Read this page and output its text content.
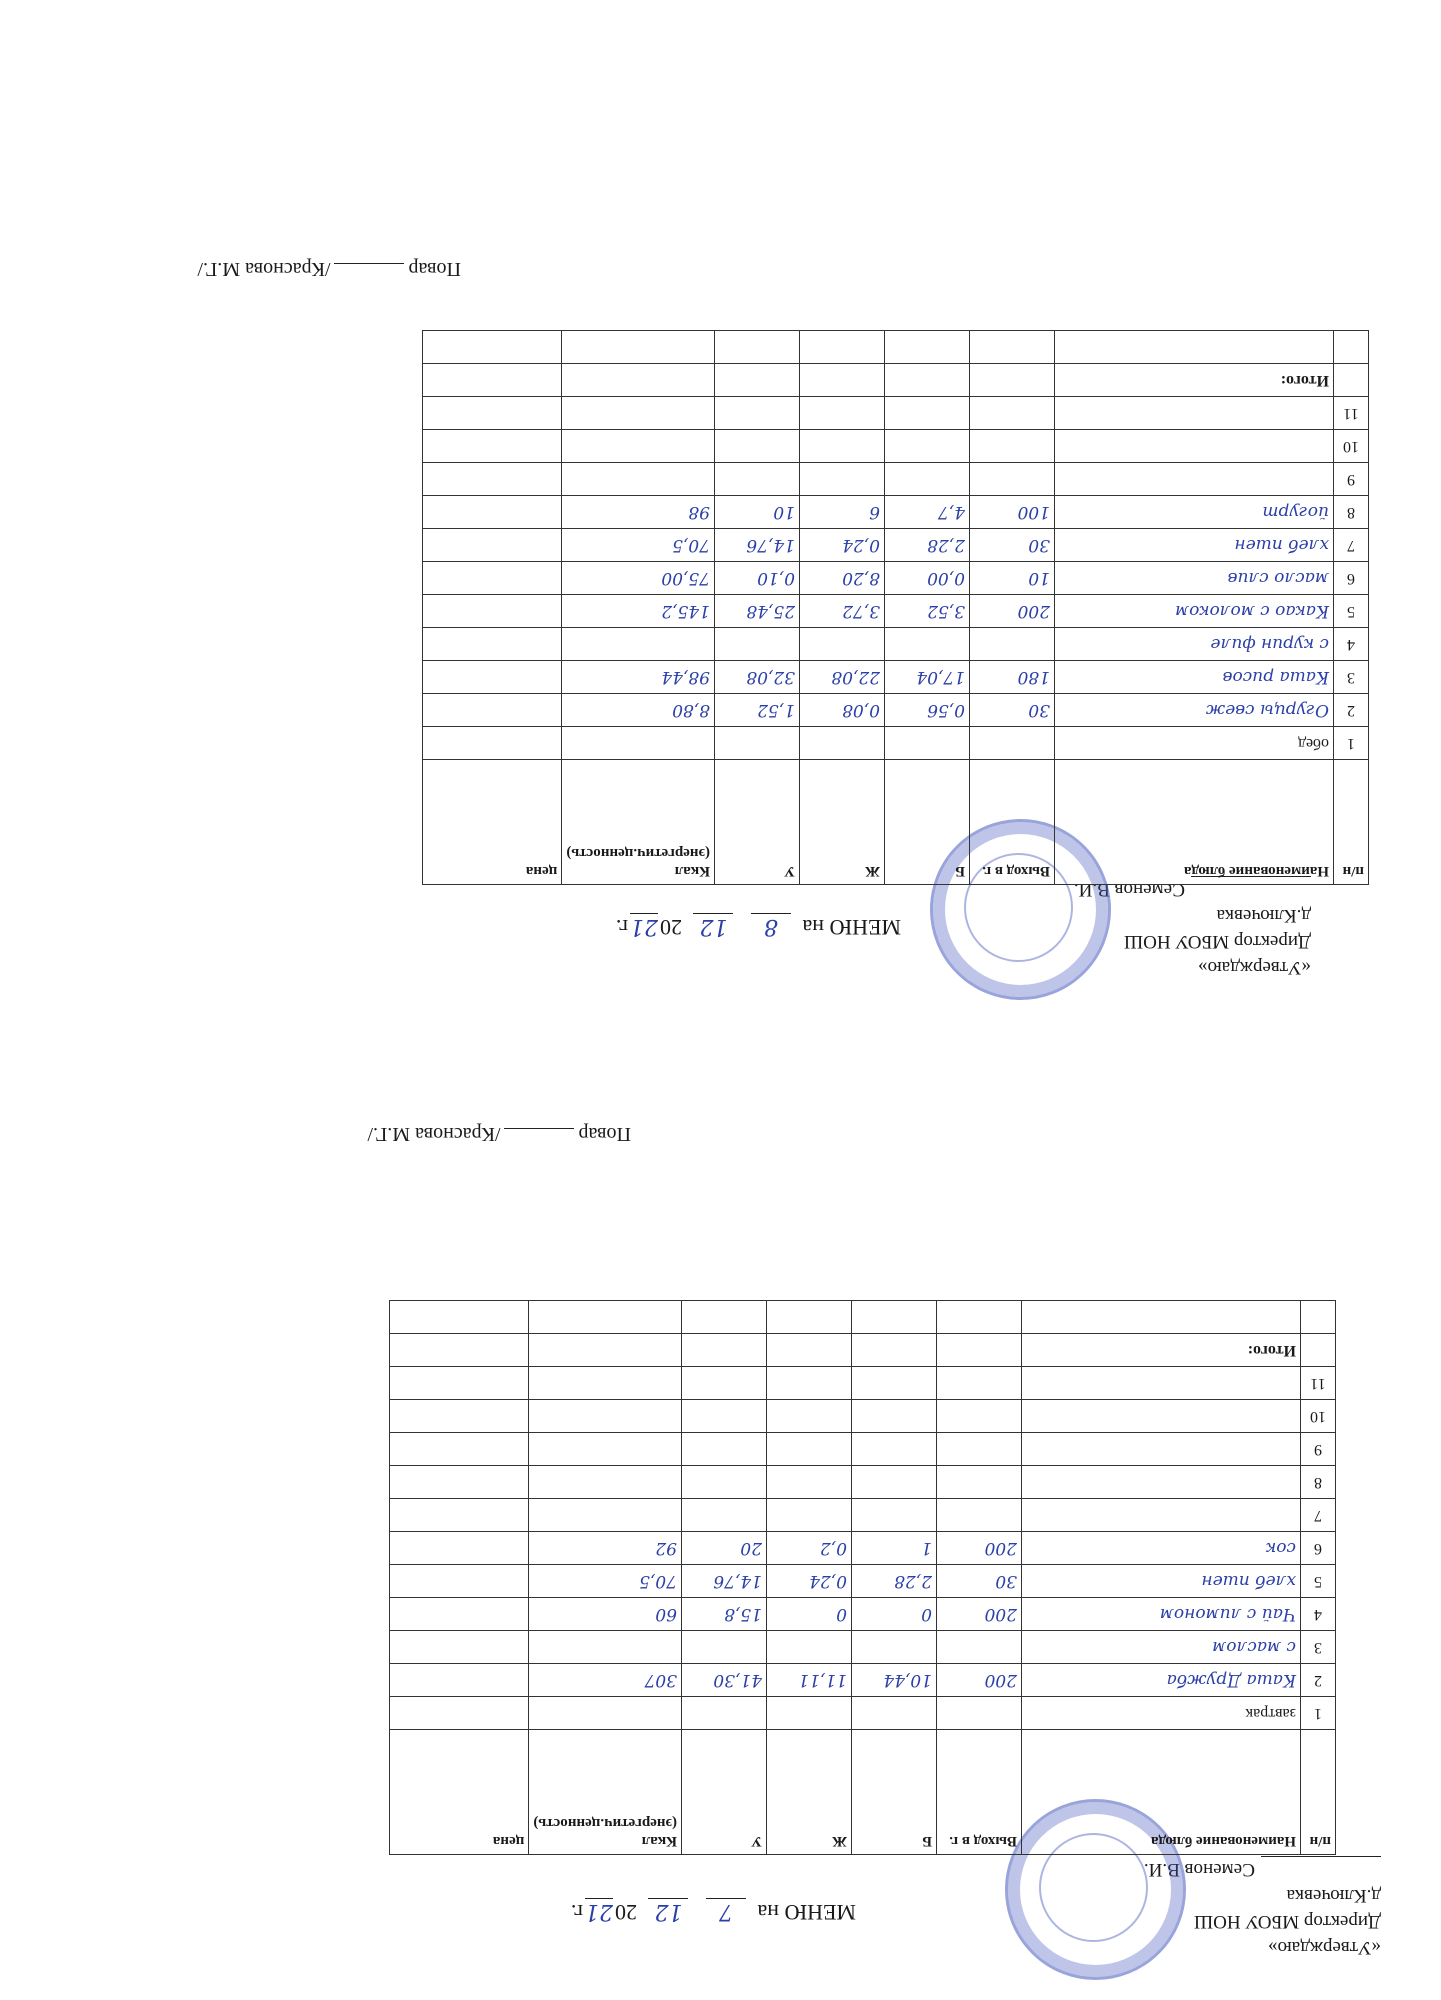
«Утверждаю»
Директор МБОУ НОШ
д.Ключевка
Семенов В.И.
МЕНЮ на 7 12 2021г.
п/н	Наименование блюда	Выход в г.	Б	Ж	У	Ккал (энергетич.ценность)	цена
1	завтрак						
2	Каша Дружба	200	10,44	11,11	41,30	307	
3	с маслом						
4	Чай с лимоном	200	0	0	15,8	60	
5	хлеб пшен	30	2,28	0,24	14,76	70,5	
6	сок	200	1	0,2	20	92	
7							
8							
9							
10							
11							
	Итого:						

Повар/Краснова М.Г./
«Утверждаю»
Директор МБОУ НОШ
д.Ключевка
Семенов В.И.
МЕНЮ на 8 12 2021г.
п/н	Наименование блюда	Выход в г.	Б	Ж	У	Ккал (энергетич.ценность)	цена
1	обед						
2	Огурцы свеж	30	0,56	0,08	1,52	8,80	
3	Каша рисов	180	17,04	22,08	32,08	98,44	
4	с курин филе						
5	Какао с молоком	200	3,52	3,72	25,48	145,2	
6	масло слив	10	0,00	8,20	0,10	75,00	
7	хлеб пшен	30	2,28	0,24	14,76	70,5	
8	йогурт	100	4,7	6	10	98	
9							
10							
11							
	Итого:						

Повар/Краснова М.Г./
